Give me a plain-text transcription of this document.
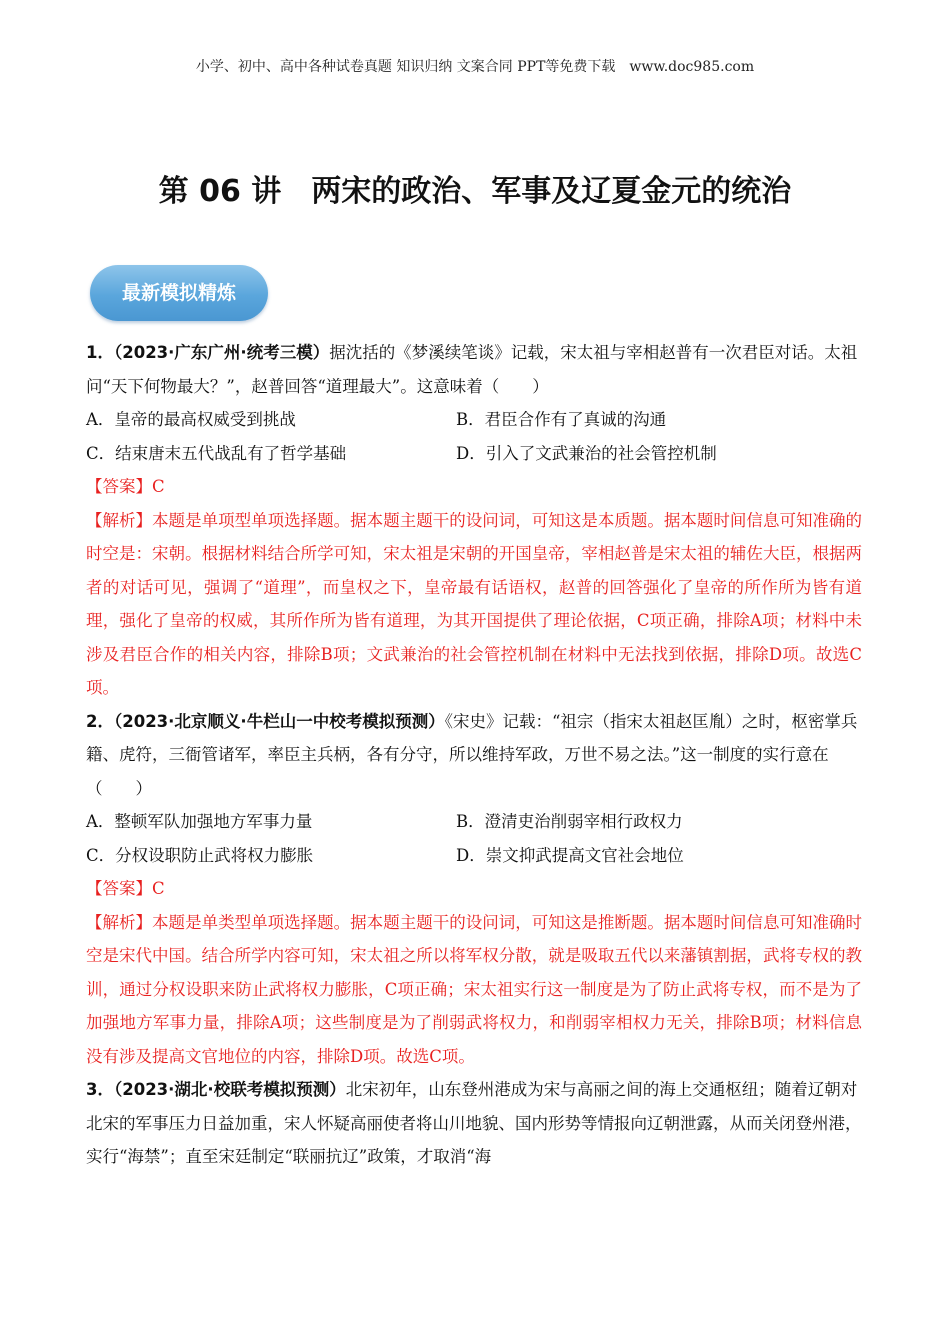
小学、初中、高中各种试卷真题 知识归纳 文案合同 PPT等免费下载 www.doc985.com
第 06 讲 两宋的政治、军事及辽夏金元的统治
最新模拟精炼

1．（2023·广东广州·统考三模）据沈括的《梦溪续笔谈》记载，宋太祖与宰相赵普有一次君臣对话。太祖问“天下何物最大？”，赵普回答“道理最大”。这意味着（　　）

A．皇帝的最高权威受到挑战	B．君臣合作有了真诚的沟通
C．结束唐末五代战乱有了哲学基础	D．引入了文武兼治的社会管控机制

【答案】C

【解析】本题是单项型单项选择题。据本题主题干的设问词，可知这是本质题。据本题时间信息可知准确的时空是：宋朝。根据材料结合所学可知，宋太祖是宋朝的开国皇帝，宰相赵普是宋太祖的辅佐大臣，根据两者的对话可见，强调了“道理”，而皇权之下，皇帝最有话语权，赵普的回答强化了皇帝的所作所为皆有道理，强化了皇帝的权威，其所作所为皆有道理，为其开国提供了理论依据，C项正确，排除A项；材料中未涉及君臣合作的相关内容，排除B项；文武兼治的社会管控机制在材料中无法找到依据，排除D项。故选C项。

2．（2023·北京顺义·牛栏山一中校考模拟预测）《宋史》记载：“祖宗（指宋太祖赵匡胤）之时，枢密掌兵籍、虎符，三衙管诸军，率臣主兵柄，各有分守，所以维持军政，万世不易之法。”这一制度的实行意在（　　）

A．整顿军队加强地方军事力量	B．澄清吏治削弱宰相行政权力
C．分权设职防止武将权力膨胀	D．崇文抑武提高文官社会地位

【答案】C

【解析】本题是单类型单项选择题。据本题主题干的设问词，可知这是推断题。据本题时间信息可知准确时空是宋代中国。结合所学内容可知，宋太祖之所以将军权分散，就是吸取五代以来藩镇割据，武将专权的教训，通过分权设职来防止武将权力膨胀，C项正确；宋太祖实行这一制度是为了防止武将专权，而不是为了加强地方军事力量，排除A项；这些制度是为了削弱武将权力，和削弱宰相权力无关，排除B项；材料信息没有涉及提高文官地位的内容，排除D项。故选C项。

3．（2023·湖北·校联考模拟预测）北宋初年，山东登州港成为宋与高丽之间的海上交通枢纽；随着辽朝对北宋的军事压力日益加重，宋人怀疑高丽使者将山川地貌、国内形势等情报向辽朝泄露，从而关闭登州港，实行“海禁”；直至宋廷制定“联丽抗辽”政策，才取消“海
